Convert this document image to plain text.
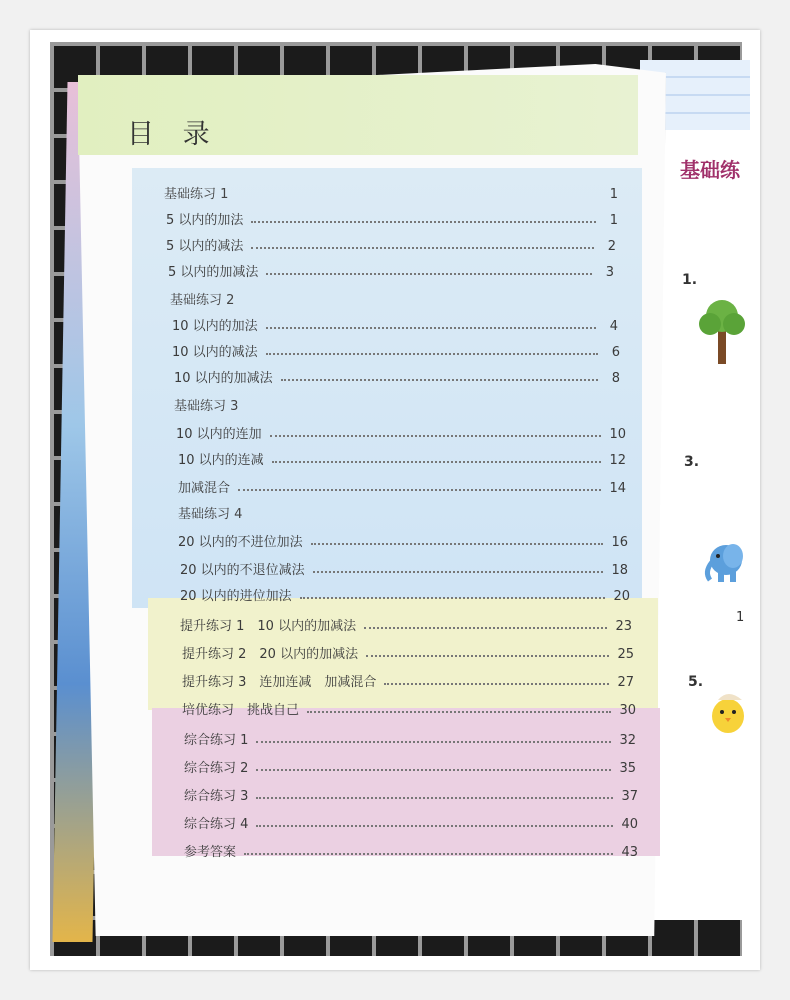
基础练
1.
3.
5.
1
目 录
基础练习 1	1
5 以内的加法	1
5 以内的减法	2
5 以内的加减法	3
基础练习 2
10 以内的加法	4
10 以内的减法	6
10 以内的加减法	8
基础练习 3
10 以内的连加	10
10 以内的连减	12
加减混合	14
基础练习 4
20 以内的不进位加法	16
20 以内的不退位减法	18
20 以内的进位加法	20
提升练习 1　10 以内的加减法	23
提升练习 2　20 以内的加减法	25
提升练习 3　连加连减　加减混合	27
培优练习　挑战自己	30
综合练习 1	32
综合练习 2	35
综合练习 3	37
综合练习 4	40
参考答案	43
